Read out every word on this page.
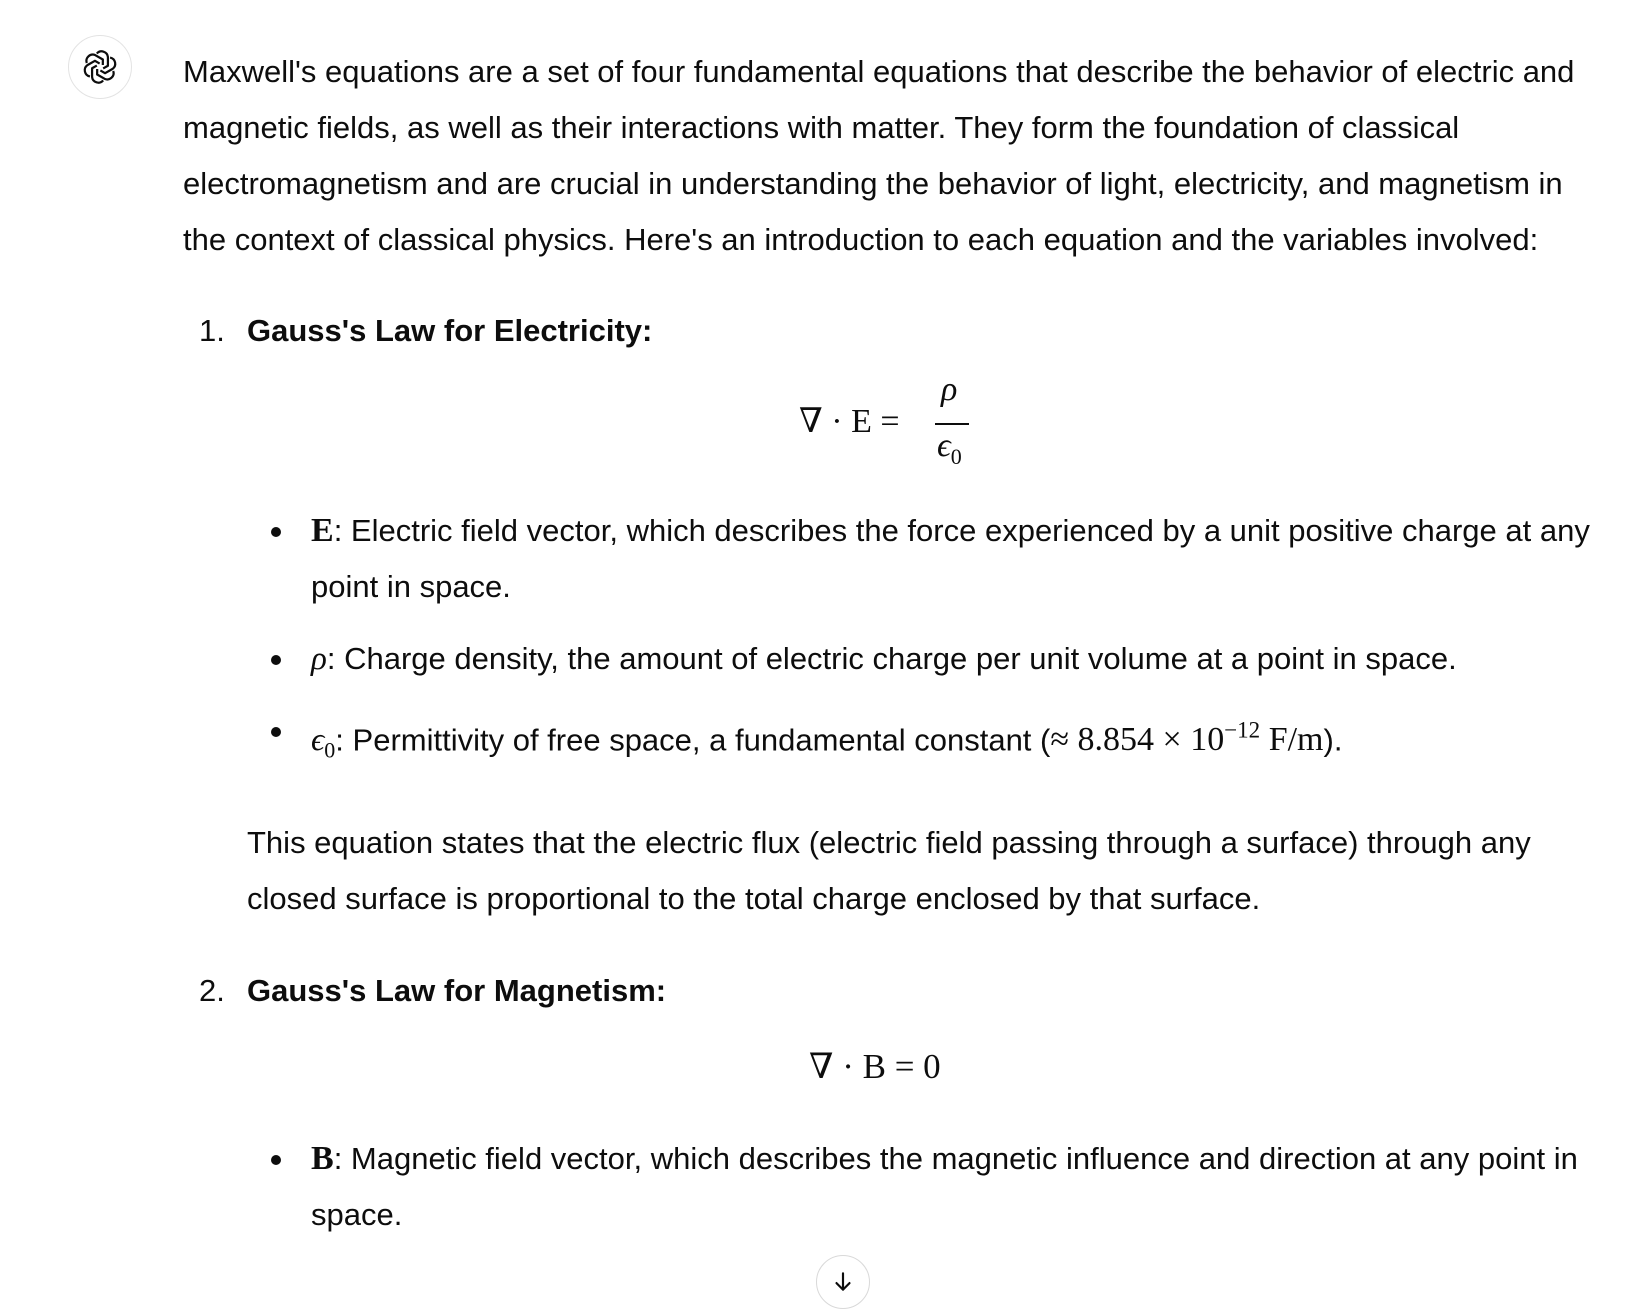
Maxwell's equations are a set of four fundamental equations that describe the behavior of electric and magnetic fields, as well as their interactions with matter. They form the foundation of classical electromagnetism and are crucial in understanding the behavior of light, electricity, and magnetism in the context of classical physics. Here's an introduction to each equation and the variables involved:

1. Gauss's Law for Electricity:
∇ · E =
ρ
$\epsilon_0$
E: Electric field vector, which describes the force experienced by a unit positive charge at any point in space.
ρ: Charge density, the amount of electric charge per unit volume at a point in space.
$\epsilon_0$: Permittivity of free space, a fundamental constant (≈ $8.854 \times 10^{-12}$ F/m).

This equation states that the electric flux (electric field passing through a surface) through any closed surface is proportional to the total charge enclosed by that surface.

2. Gauss's Law for Magnetism:
∇ · B = 0
B: Magnetic field vector, which describes the magnetic influence and direction at any point in space.
